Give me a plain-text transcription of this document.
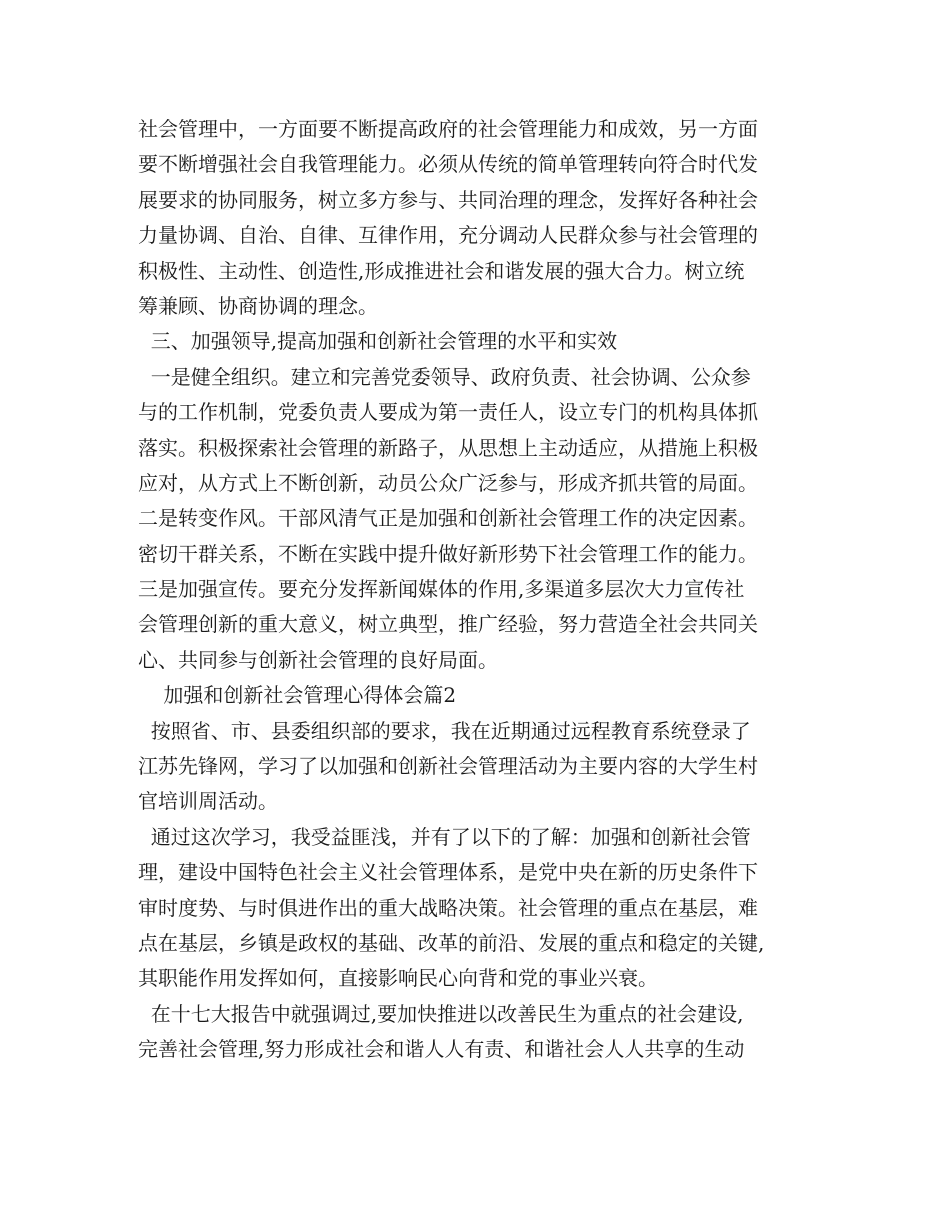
社会管理中，一方面要不断提高政府的社会管理能力和成效，另一方面
要不断增强社会自我管理能力。必须从传统的简单管理转向符合时代发
展要求的协同服务，树立多方参与、共同治理的理念，发挥好各种社会
力量协调、自治、自律、互律作用，充分调动人民群众参与社会管理的
积极性、主动性、创造性,形成推进社会和谐发展的强大合力。树立统
筹兼顾、协商协调的理念。
三、加强领导,提高加强和创新社会管理的水平和实效
一是健全组织。建立和完善党委领导、政府负责、社会协调、公众参
与的工作机制，党委负责人要成为第一责任人，设立专门的机构具体抓
落实。积极探索社会管理的新路子，从思想上主动适应，从措施上积极
应对，从方式上不断创新，动员公众广泛参与，形成齐抓共管的局面。
二是转变作风。干部风清气正是加强和创新社会管理工作的决定因素。
密切干群关系，不断在实践中提升做好新形势下社会管理工作的能力。
三是加强宣传。要充分发挥新闻媒体的作用,多渠道多层次大力宣传社
会管理创新的重大意义，树立典型，推广经验，努力营造全社会共同关
心、共同参与创新社会管理的良好局面。
加强和创新社会管理心得体会篇2
按照省、市、县委组织部的要求，我在近期通过远程教育系统登录了
江苏先锋网，学习了以加强和创新社会管理活动为主要内容的大学生村
官培训周活动。
通过这次学习，我受益匪浅，并有了以下的了解：加强和创新社会管
理，建设中国特色社会主义社会管理体系，是党中央在新的历史条件下
审时度势、与时俱进作出的重大战略决策。社会管理的重点在基层，难
点在基层，乡镇是政权的基础、改革的前沿、发展的重点和稳定的关键,
其职能作用发挥如何，直接影响民心向背和党的事业兴衰。
在十七大报告中就强调过,要加快推进以改善民生为重点的社会建设,
完善社会管理,努力形成社会和谐人人有责、和谐社会人人共享的生动
